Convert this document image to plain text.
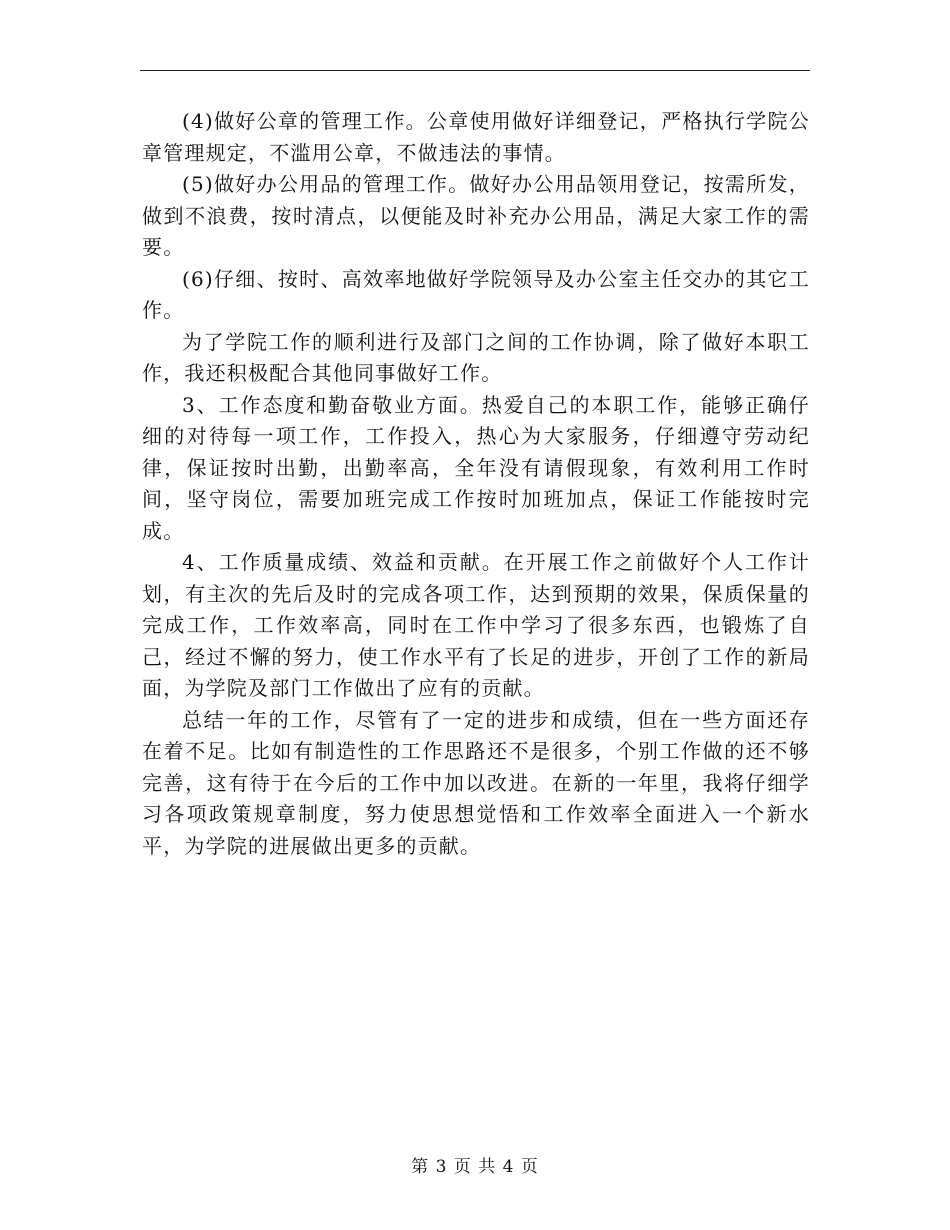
(4)做好公章的管理工作。公章使用做好详细登记，严格执行学院公章管理规定，不滥用公章，不做违法的事情。

(5)做好办公用品的管理工作。做好办公用品领用登记，按需所发，做到不浪费，按时清点，以便能及时补充办公用品，满足大家工作的需要。

(6)仔细、按时、高效率地做好学院领导及办公室主任交办的其它工作。

为了学院工作的顺利进行及部门之间的工作协调，除了做好本职工作，我还积极配合其他同事做好工作。

3、工作态度和勤奋敬业方面。热爱自己的本职工作，能够正确仔细的对待每一项工作，工作投入，热心为大家服务，仔细遵守劳动纪律，保证按时出勤，出勤率高，全年没有请假现象，有效利用工作时间，坚守岗位，需要加班完成工作按时加班加点，保证工作能按时完成。

4、工作质量成绩、效益和贡献。在开展工作之前做好个人工作计划，有主次的先后及时的完成各项工作，达到预期的效果，保质保量的完成工作，工作效率高，同时在工作中学习了很多东西，也锻炼了自己，经过不懈的努力，使工作水平有了长足的进步，开创了工作的新局面，为学院及部门工作做出了应有的贡献。

总结一年的工作，尽管有了一定的进步和成绩，但在一些方面还存在着不足。比如有制造性的工作思路还不是很多，个别工作做的还不够完善，这有待于在今后的工作中加以改进。在新的一年里，我将仔细学习各项政策规章制度，努力使思想觉悟和工作效率全面进入一个新水平，为学院的进展做出更多的贡献。

第 3 页 共 4 页
